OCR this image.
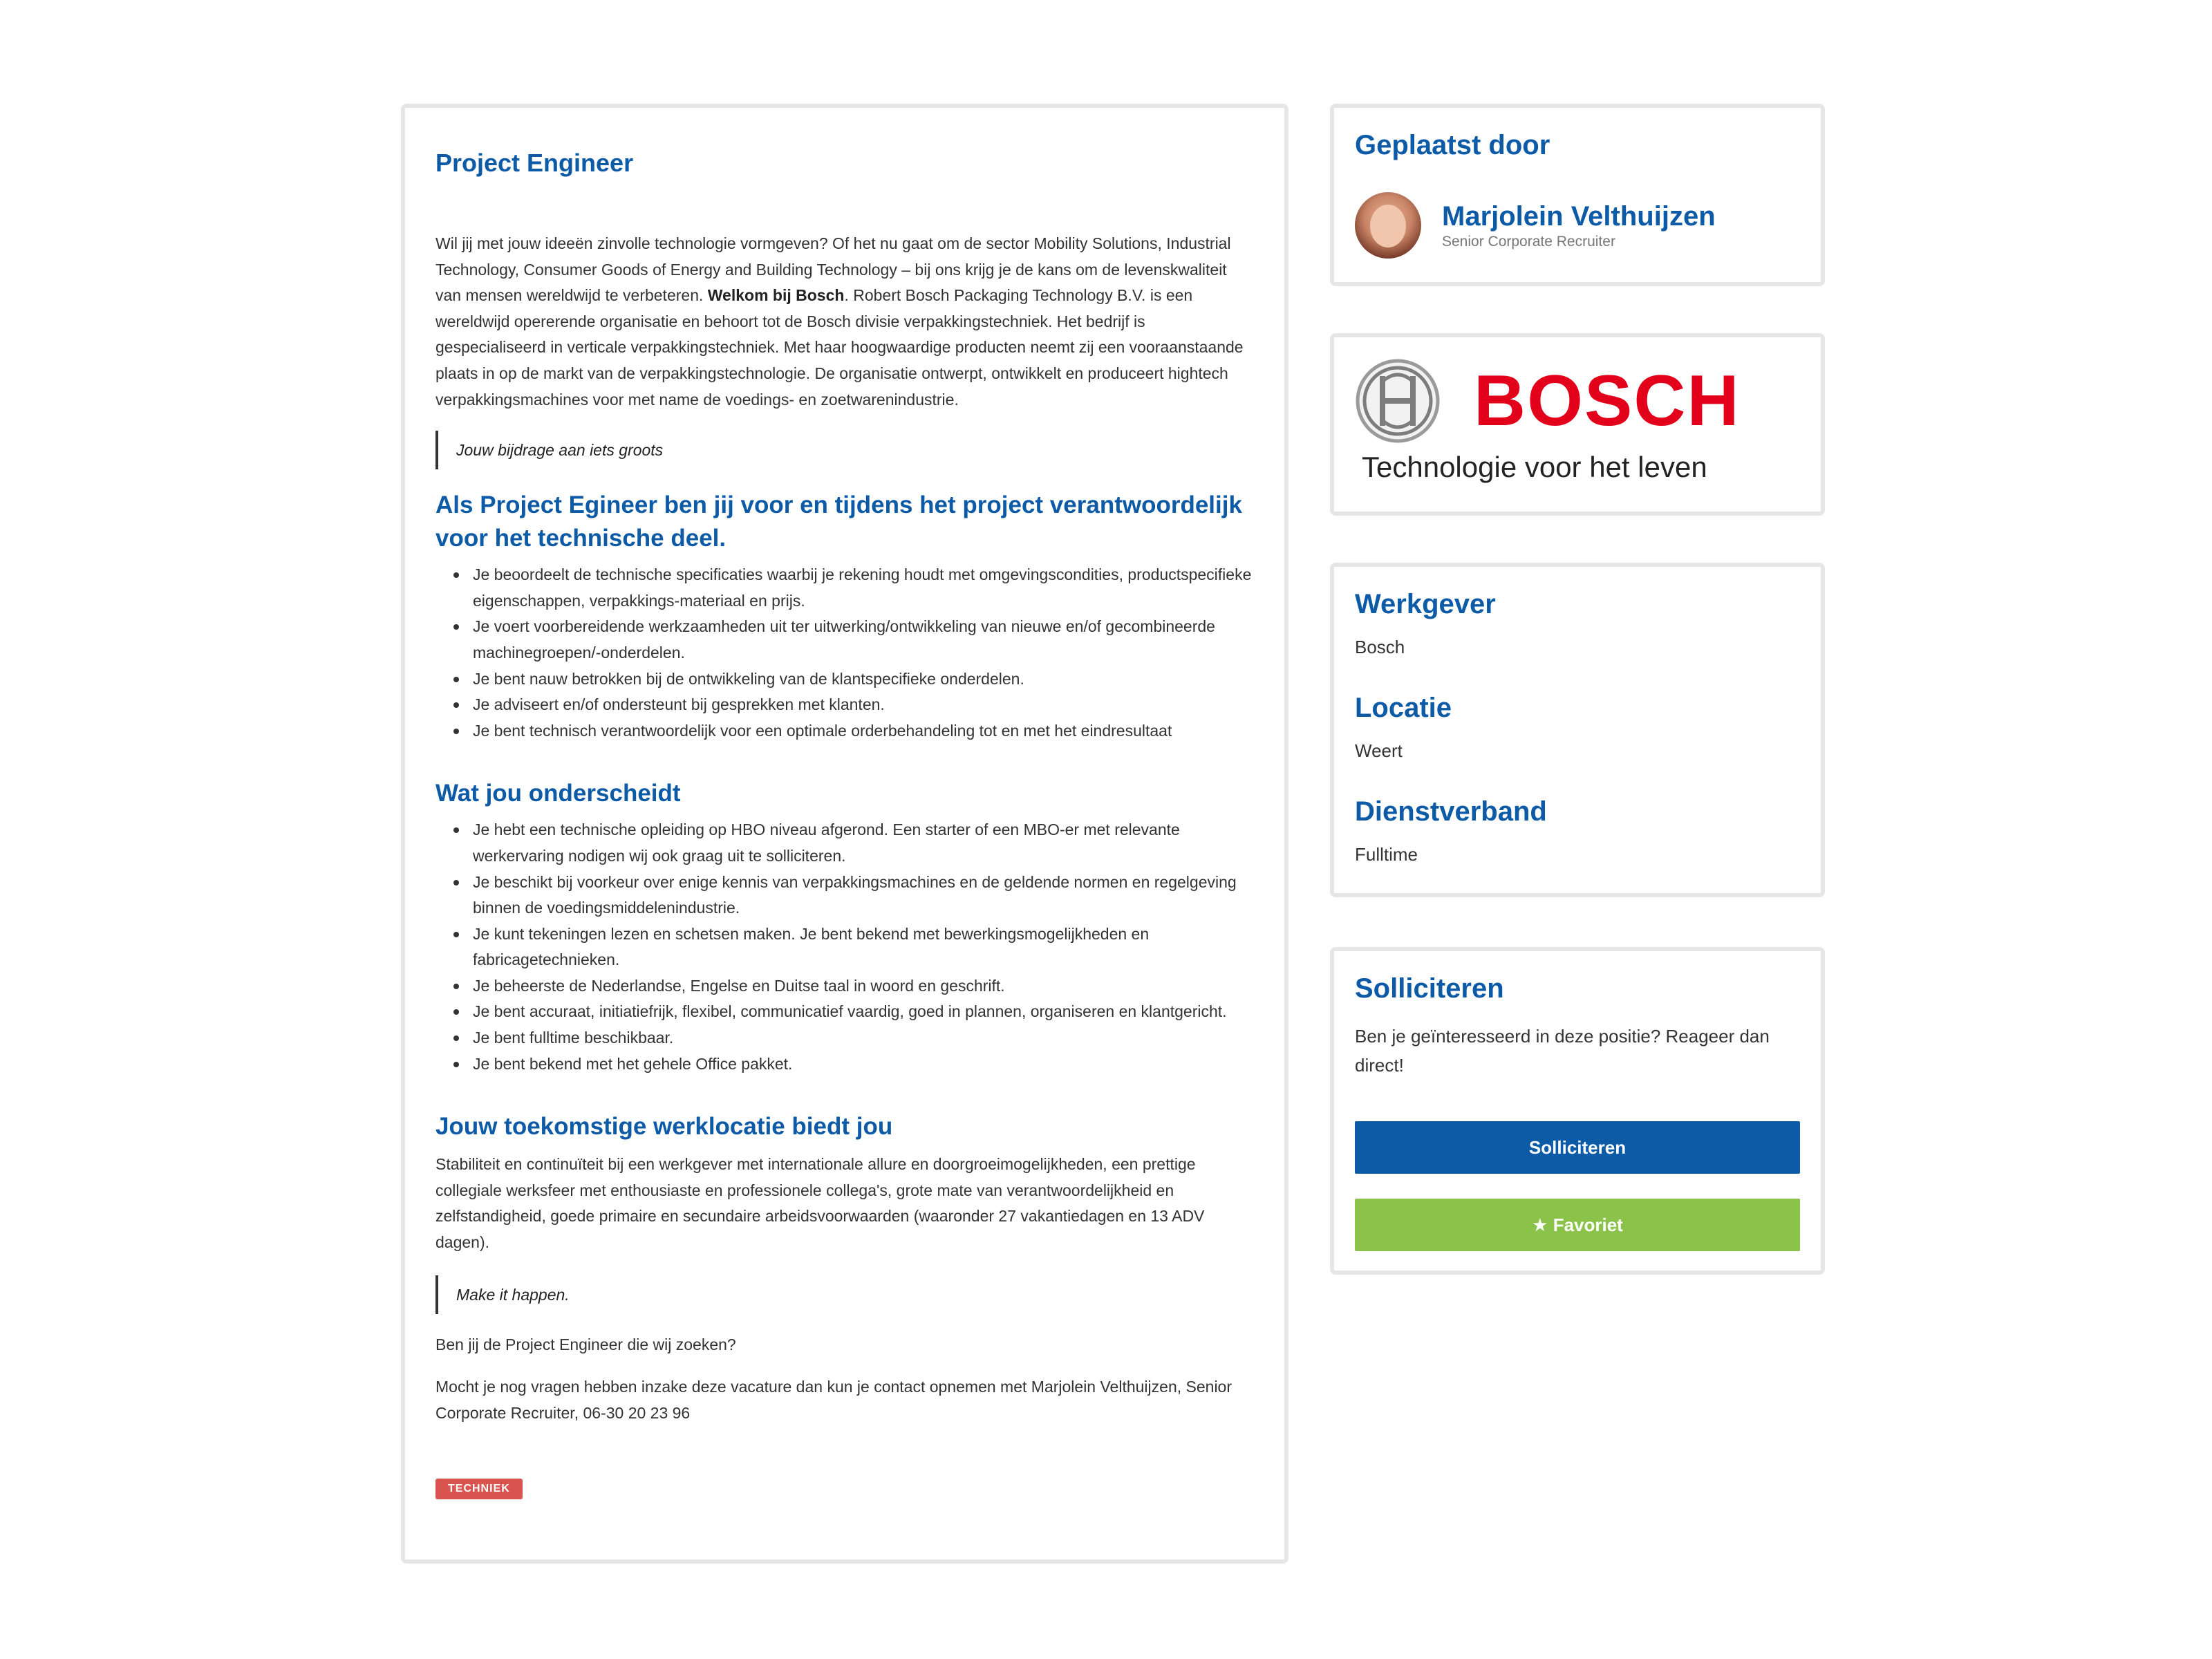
Project Engineer

Wil jij met jouw ideeën zinvolle technologie vormgeven? Of het nu gaat om de sector Mobility Solutions, Industrial Technology, Consumer Goods of Energy and Building Technology – bij ons krijg je de kans om de levenskwaliteit van mensen wereldwijd te verbeteren. Welkom bij Bosch. Robert Bosch Packaging Technology B.V. is een wereldwijd opererende organisatie en behoort tot de Bosch divisie verpakkingstechniek. Het bedrijf is gespecialiseerd in verticale verpakkingstechniek. Met haar hoogwaardige producten neemt zij een vooraanstaande plaats in op de markt van de verpakkingstechnologie. De organisatie ontwerpt, ontwikkelt en produceert hightech verpakkingsmachines voor met name de voedings- en zoetwarenindustrie.

Jouw bijdrage aan iets groots
Als Project Egineer ben jij voor en tijdens het project verantwoordelijk voor het technische deel.
Je beoordeelt de technische specificaties waarbij je rekening houdt met omgevingscondities, productspecifieke eigenschappen, verpakkings-materiaal en prijs.
Je voert voorbereidende werkzaamheden uit ter uitwerking/ontwikkeling van nieuwe en/of gecombineerde machinegroepen/-onderdelen.
Je bent nauw betrokken bij de ontwikkeling van de klantspecifieke onderdelen.
Je adviseert en/of ondersteunt bij gesprekken met klanten.
Je bent technisch verantwoordelijk voor een optimale orderbehandeling tot en met het eindresultaat
Wat jou onderscheidt
Je hebt een technische opleiding op HBO niveau afgerond. Een starter of een MBO-er met relevante werkervaring nodigen wij ook graag uit te solliciteren.
Je beschikt bij voorkeur over enige kennis van verpakkingsmachines en de geldende normen en regelgeving binnen de voedingsmiddelenindustrie.
Je kunt tekeningen lezen en schetsen maken. Je bent bekend met bewerkingsmogelijkheden en fabricagetechnieken.
Je beheerste de Nederlandse, Engelse en Duitse taal in woord en geschrift.
Je bent accuraat, initiatiefrijk, flexibel, communicatief vaardig, goed in plannen, organiseren en klantgericht.
Je bent fulltime beschikbaar.
Je bent bekend met het gehele Office pakket.
Jouw toekomstige werklocatie biedt jou

Stabiliteit en continuïteit bij een werkgever met internationale allure en doorgroeimogelijkheden, een prettige collegiale werksfeer met enthousiaste en professionele collega's, grote mate van verantwoordelijkheid en zelfstandigheid, goede primaire en secundaire arbeidsvoorwaarden (waaronder 27 vakantiedagen en 13 ADV dagen).

Make it happen.

Ben jij de Project Engineer die wij zoeken?

Mocht je nog vragen hebben inzake deze vacature dan kun je contact opnemen met Marjolein Velthuijzen, Senior Corporate Recruiter, 06-30 20 23 96

TECHNIEK
Geplaatst door
Marjolein Velthuijzen
Senior Corporate Recruiter
BOSCH
Technologie voor het leven
Werkgever
Bosch
Locatie
Weert
Dienstverband
Fulltime
Solliciteren

Ben je geïnteresseerd in deze positie? Reageer dan direct!

Solliciteren
★ Favoriet
